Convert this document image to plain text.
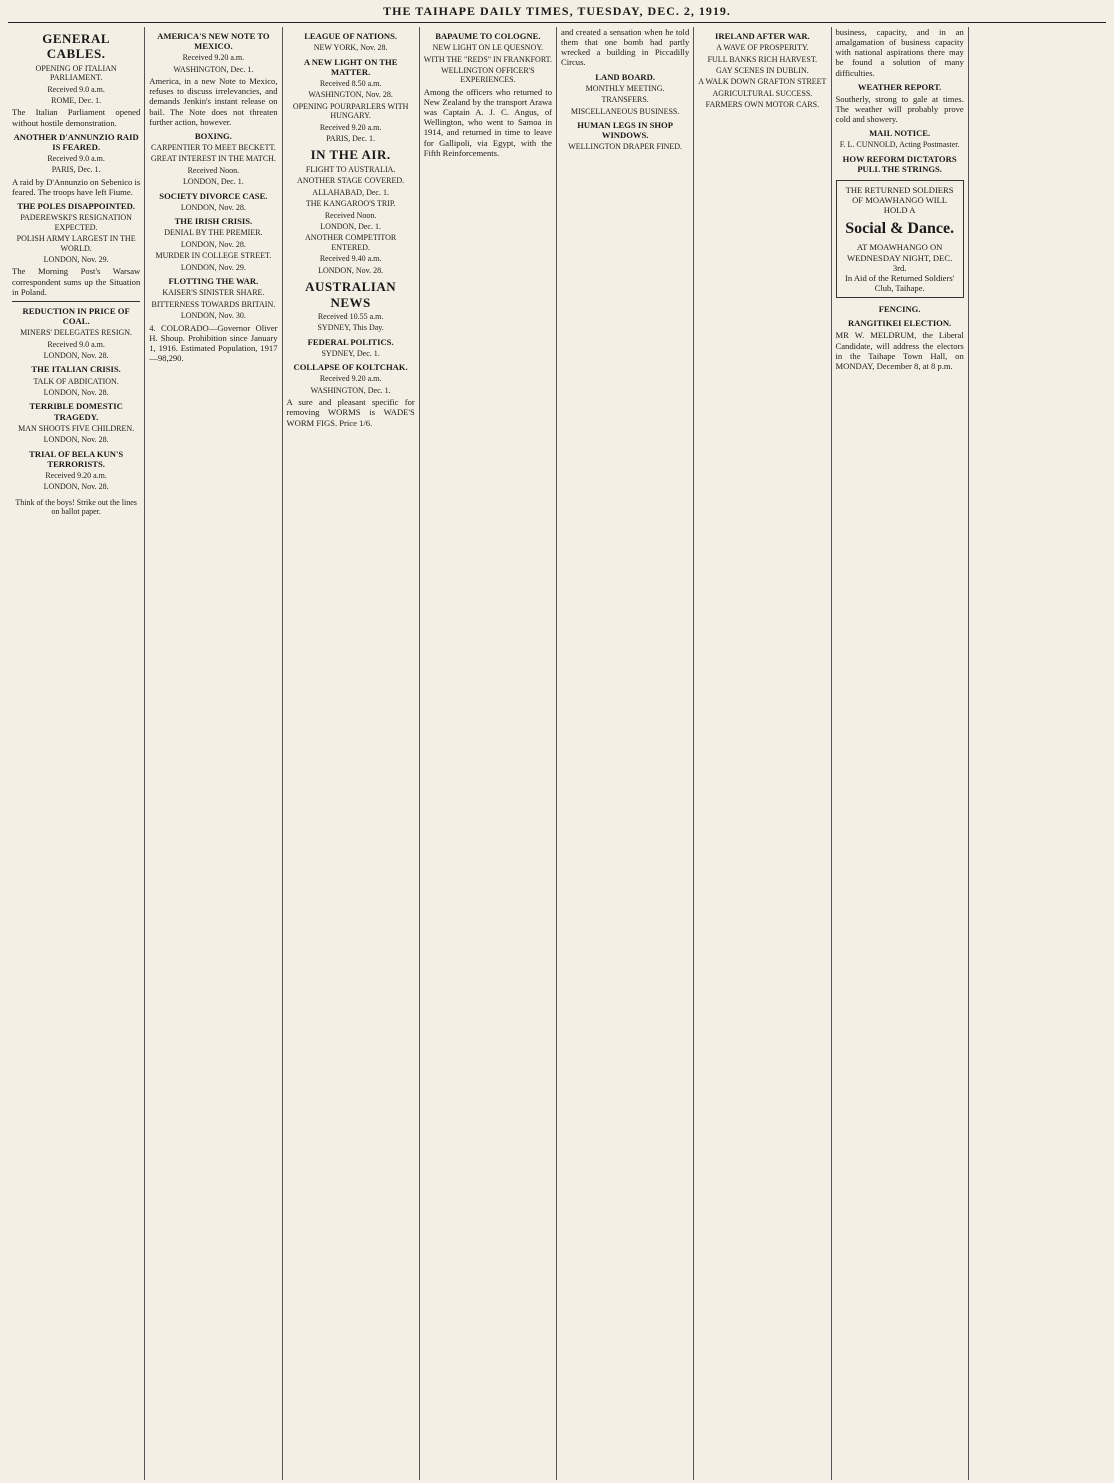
THE TAIHAPE DAILY TIMES, TUESDAY, DEC. 2, 1919.
GENERAL CABLES.
OPENING OF ITALIAN PARLIAMENT.
Received 9.0 a.m.
ROME, Dec. 1.
The Italian Parliament opened without hostile demonstration.
ANOTHER D'ANNUNZIO RAID IS FEARED.
Received 9.0 a.m.
PARIS, Dec. 1.
A raid by D'Annunzio on Sebenico is feared. The troops have left Fiume.
THE POLES DISAPPOINTED.
PADEREWSKI'S RESIGNATION EXPECTED.
POLISH ARMY LARGEST IN THE WORLD.
LONDON, Nov. 29.
The Morning Post's Warsaw correspondent sums up the Situation in Poland.
REDUCTION IN PRICE OF COAL.
MINERS' DELEGATES RESIGN.
Received 9.0 a.m.
LONDON, Nov. 28.
THE ITALIAN CRISIS.
TALK OF ABDICATION.
LONDON, Nov. 28.
TERRIBLE DOMESTIC TRAGEDY.
MAN SHOOTS FIVE CHILDREN.
LONDON, Nov. 28.
TRIAL OF BELA KUN'S TERRORISTS.
Received 9.20 a.m.
LONDON, Nov. 28.
Think of the boys! Strike out the lines on ballot paper.
AMERICA'S NEW NOTE TO MEXICO.
Received 9.20 a.m.
WASHINGTON, Dec. 1.
America, in a new Note to Mexico, refuses to discuss irrelevancies, and demands Jenkin's instant release on bail. The Note does not threaten further action, however.
BOXING.
CARPENTIER TO MEET BECKETT.
GREAT INTEREST IN THE MATCH.
Received Noon.
LONDON, Dec. 1.
SOCIETY DIVORCE CASE.
LONDON, Nov. 28.
THE IRISH CRISIS.
DENIAL BY THE PREMIER.
LONDON, Nov. 28.
MURDER IN COLLEGE STREET.
LONDON, Nov. 29.
FLOTTING THE WAR.
KAISER'S SINISTER SHARE.
BITTERNESS TOWARDS BRITAIN.
LONDON, Nov. 30.
4. COLORADO—Governor Oliver H. Shoup. Prohibition since January 1, 1916. Estimated Population, 1917—98,290.
LEAGUE OF NATIONS.
NEW YORK, Nov. 28.
A NEW LIGHT ON THE MATTER.
Received 8.50 a.m.
WASHINGTON, Nov. 28.
OPENING POURPARLERS WITH HUNGARY.
Received 9.20 a.m.
PARIS, Dec. 1.
IN THE AIR.
FLIGHT TO AUSTRALIA.
ANOTHER STAGE COVERED.
ALLAHABAD, Dec. 1.
THE KANGAROO'S TRIP.
Received Noon.
LONDON, Dec. 1.
ANOTHER COMPETITOR ENTERED.
Received 9.40 a.m.
LONDON, Nov. 28.
AUSTRALIAN NEWS
Received 10.55 a.m.
SYDNEY, This Day.
FEDERAL POLITICS.
SYDNEY, Dec. 1.
COLLAPSE OF KOLTCHAK.
Received 9.20 a.m.
WASHINGTON, Dec. 1.
A sure and pleasant specific for removing WORMS is WADE'S WORM FIGS. Price 1/6.
BAPAUME TO COLOGNE.
NEW LIGHT ON LE QUESNOY.
WITH THE "REDS" IN FRANKFORT.
WELLINGTON OFFICER'S EXPERIENCES.
Among the officers who returned to New Zealand by the transport Arawa was Captain A. J. C. Angus, of Wellington, who went to Samoa in 1914, and returned in time to leave for Gallipoli, via Egypt, with the Fifth Reinforcements.
and created a sensation when he told them that one bomb had partly wrecked a building in Piccadilly Circus.
LAND BOARD.
MONTHLY MEETING.
TRANSFERS.
MISCELLANEOUS BUSINESS.
HUMAN LEGS IN SHOP WINDOWS.
WELLINGTON DRAPER FINED.
IRELAND AFTER WAR.
A WAVE OF PROSPERITY.
FULL BANKS RICH HARVEST.
GAY SCENES IN DUBLIN.
A WALK DOWN GRAFTON STREET
AGRICULTURAL SUCCESS.
FARMERS OWN MOTOR CARS.
business, capacity, and in an amalgamation of business capacity with national aspirations there may be found a solution of many difficulties.
WEATHER REPORT.
Southerly, strong to gale at times. The weather will probably prove cold and showery.
MAIL NOTICE.
F. L. CUNNOLD, Acting Postmaster.
HOW REFORM DICTATORS PULL THE STRINGS.
THE RETURNED SOLDIERS OF MOAWHANGO WILL HOLD A
Social & Dance.
AT MOAWHANGO ON WEDNESDAY NIGHT, DEC. 3rd.
In Aid of the Returned Soldiers' Club, Taihape.
FENCING.
RANGITIKEI ELECTION.
MR W. MELDRUM, the Liberal Candidate, will address the electors in the Taihape Town Hall, on MONDAY, December 8, at 8 p.m.
